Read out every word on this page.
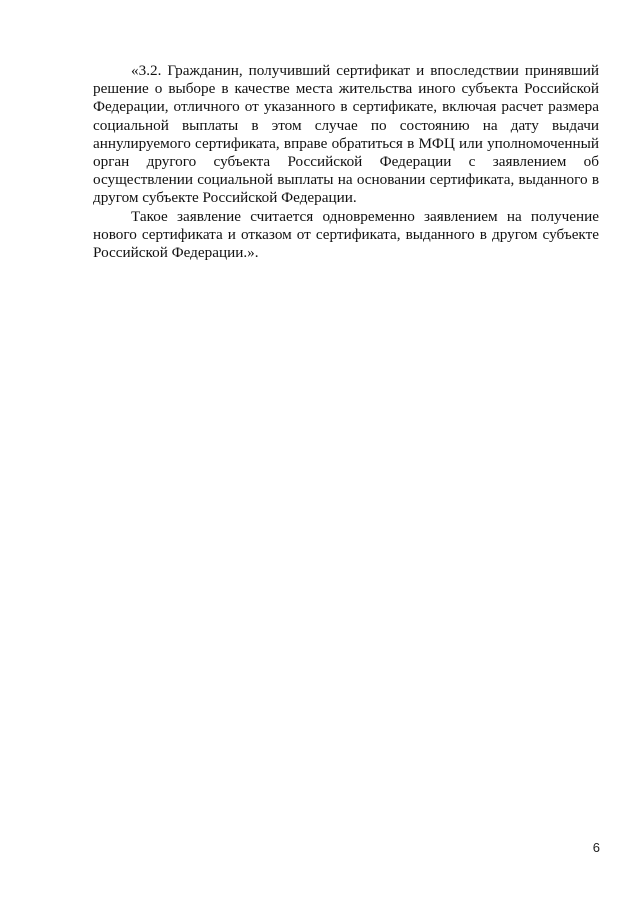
«3.2. Гражданин, получивший сертификат и впоследствии принявший решение о выборе в качестве места жительства иного субъекта Российской Федерации, отличного от указанного в сертификате, включая расчет размера социальной выплаты в этом случае по состоянию на дату выдачи аннулируемого сертификата, вправе обратиться в МФЦ или уполномоченный орган другого субъекта Российской Федерации с заявлением об осуществлении социальной выплаты на основании сертификата, выданного в другом субъекте Российской Федерации.

Такое заявление считается одновременно заявлением на получение нового сертификата и отказом от сертификата, выданного в другом субъекте Российской Федерации.».

6
